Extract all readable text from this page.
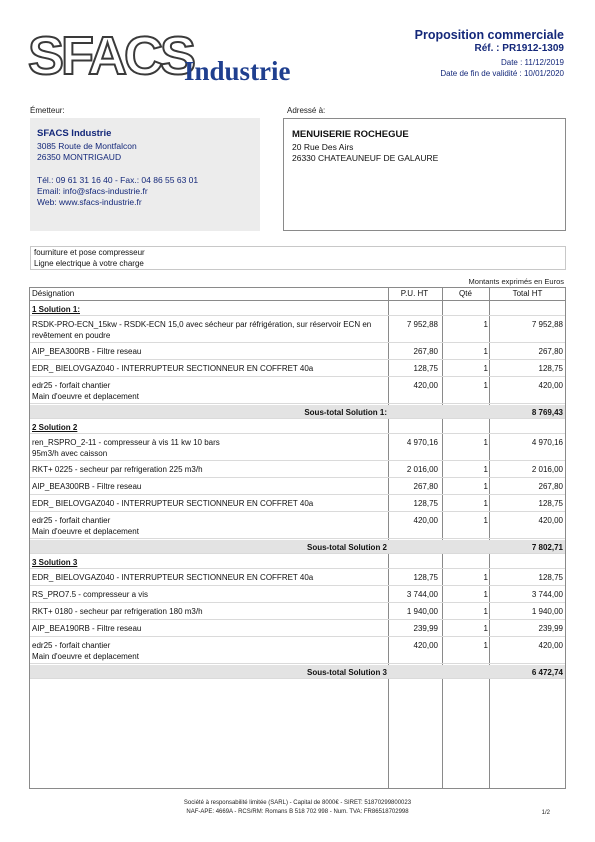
SFACS
Industrie
Proposition commerciale
Réf. : PR1912-1309
Date : 11/12/2019
Date de fin de validité : 10/01/2020
Émetteur:	Adressé à:
SFACS Industrie
3085 Route de Montfalcon
26350 MONTRIGAUD
Tél.: 09 61 31 16 40 - Fax.: 04 86 55 63 01
Email: info@sfacs-industrie.fr
Web: www.sfacs-industrie.fr
MENUISERIE ROCHEGUE
20 Rue Des Airs
26330 CHATEAUNEUF DE GALAURE
fourniture et pose compresseur
Ligne electrique à votre charge
Montants exprimés en Euros
Désignation	P.U. HT	Qté	Total HT
1 Solution 1:
RSDK-PRO-ECN_15kw - RSDK-ECN 15,0 avec sécheur par réfrigération, sur réservoir ECN en revêtement en poudre
7 952,88	1	7 952,88
AIP_BEA300RB - Filtre reseau	267,80	1	267,80
EDR_ BIELOVGAZ040 - INTERRUPTEUR SECTIONNEUR EN COFFRET 40a	128,75	1	128,75
edr25 - forfait chantier
Main d'oeuvre et deplacement
420,00	1	420,00
Sous-total Solution 1:	8 769,43
2 Solution 2
ren_RSPRO_2-11 - compresseur à vis 11 kw 10 bars
95m3/h avec caisson
4 970,16	1	4 970,16
RKT+ 0225 - secheur par refrigeration 225 m3/h	2 016,00	1	2 016,00
AIP_BEA300RB - Filtre reseau	267,80	1	267,80
EDR_ BIELOVGAZ040 - INTERRUPTEUR SECTIONNEUR EN COFFRET 40a	128,75	1	128,75
edr25 - forfait chantier
Main d'oeuvre et deplacement
420,00	1	420,00
Sous-total Solution 2	7 802,71
3 Solution 3
EDR_ BIELOVGAZ040 - INTERRUPTEUR SECTIONNEUR EN COFFRET 40a	128,75	1	128,75
RS_PRO7.5 - compresseur a vis	3 744,00	1	3 744,00
RKT+ 0180 - secheur par refrigeration 180 m3/h	1 940,00	1	1 940,00
AIP_BEA190RB - Filtre reseau	239,99	1	239,99
edr25 - forfait chantier
Main d'oeuvre et deplacement
420,00	1	420,00
Sous-total Solution 3	6 472,74
Société à responsabilité limitée (SARL) - Capital de 8000€ - SIRET: 51870299800023
NAF-APE: 4669A - RCS/RM: Romans B 518 702 998 - Num. TVA: FR86518702998	1/2
